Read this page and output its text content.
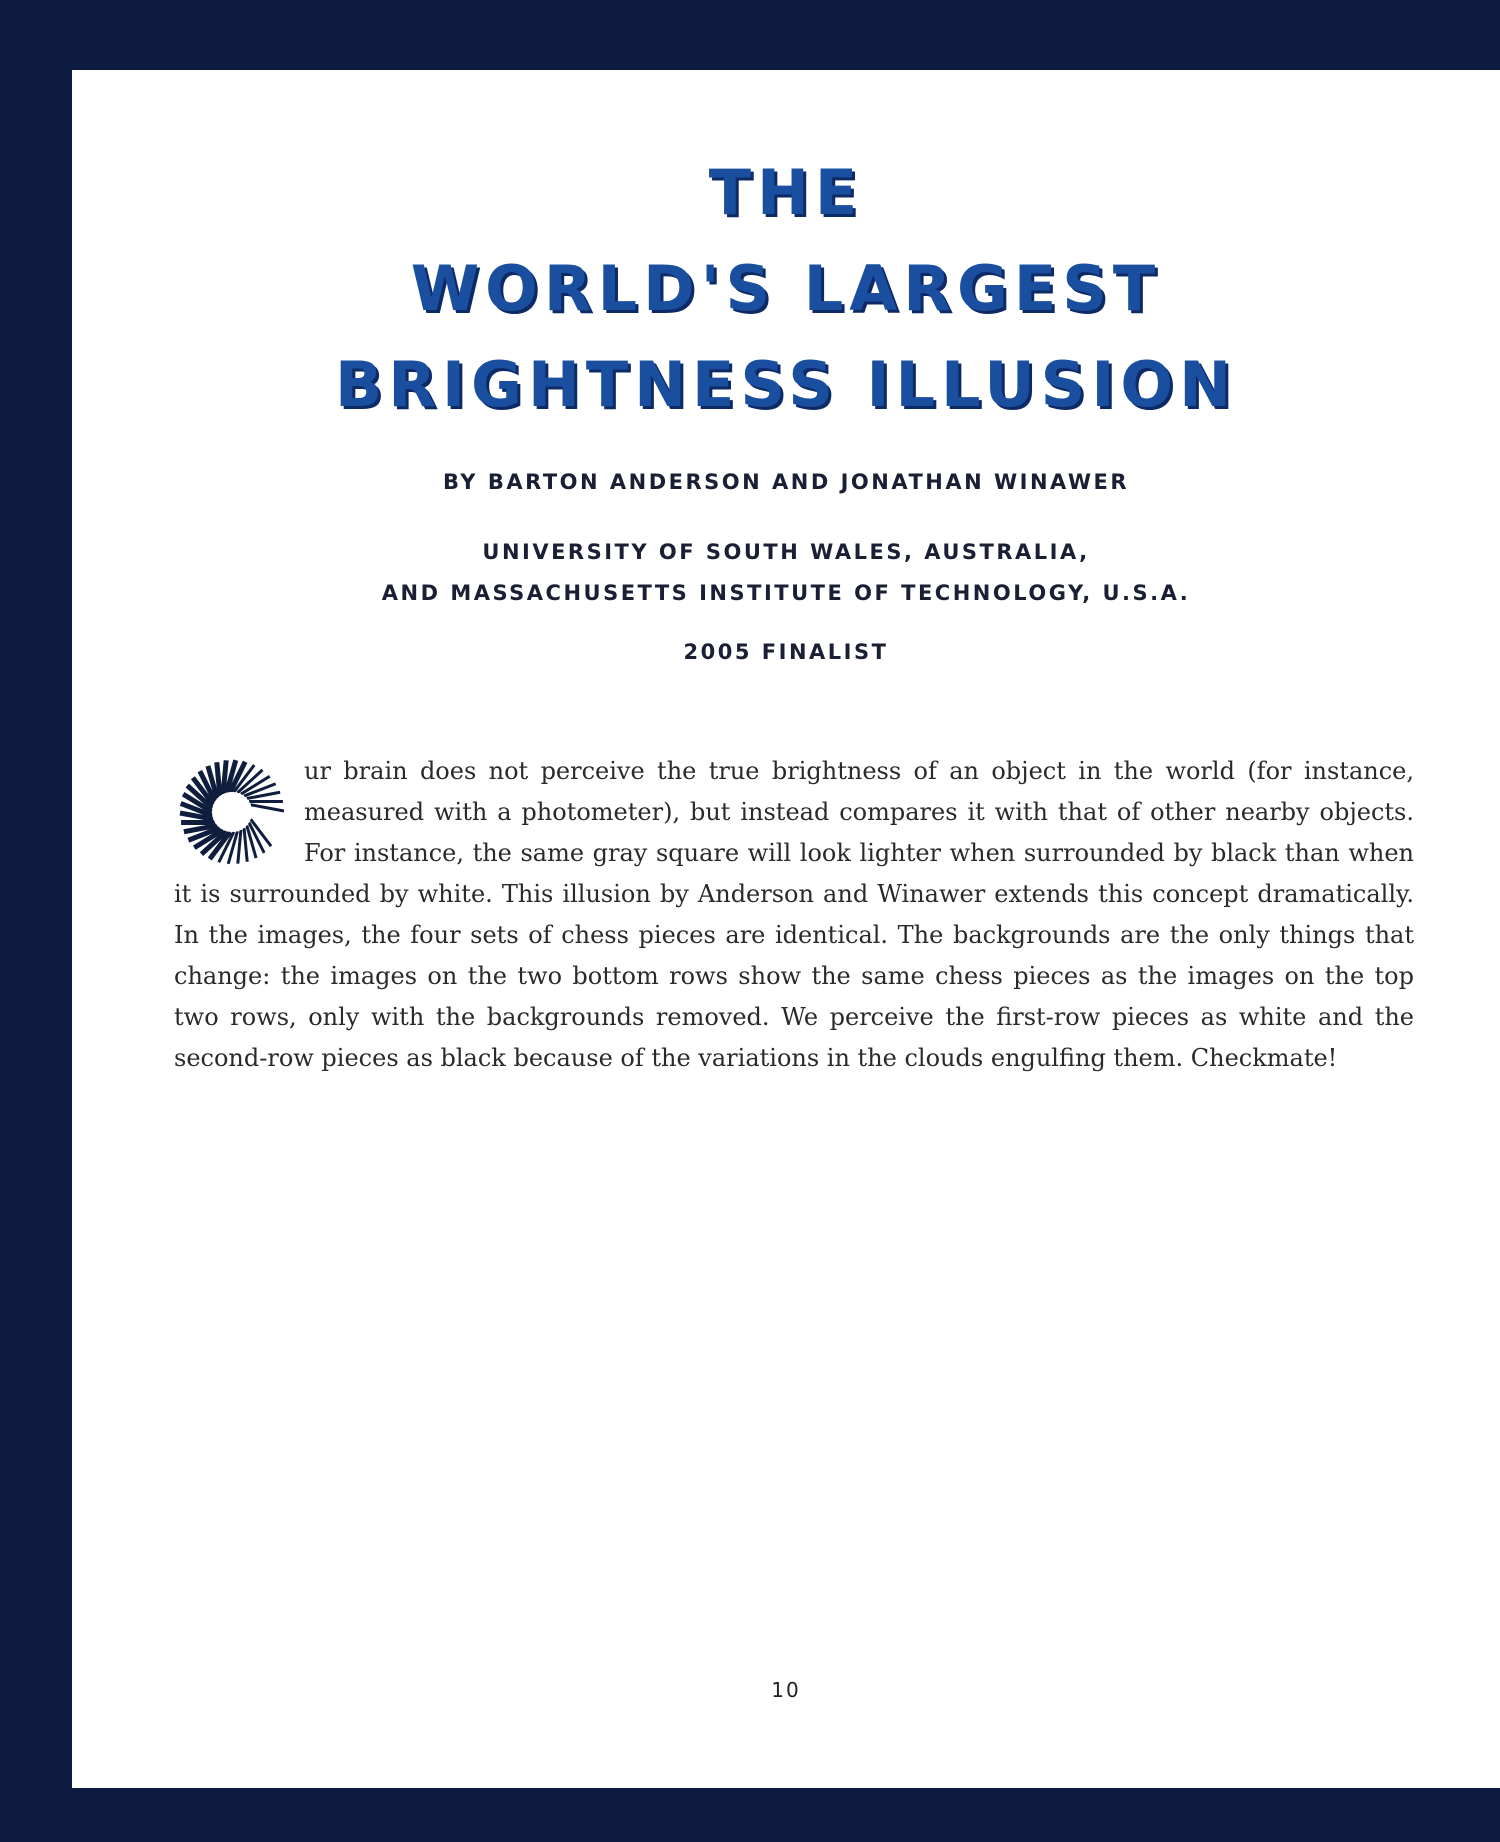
THE

WORLD'S LARGEST

BRIGHTNESS ILLUSION

BY BARTON ANDERSON AND JONATHAN WINAWER
UNIVERSITY OF SOUTH WALES, AUSTRALIA,
AND MASSACHUSETTS INSTITUTE OF TECHNOLOGY, U.S.A.
2005 FINALIST

ur brain does not perceive the true brightness of an object in the world (for instance, measured with a photometer), but instead compares it with that of other nearby objects. For instance, the same gray square will look lighter when surrounded by black than when it is surrounded by white. This illusion by Anderson and Winawer extends this concept dramatically. In the images, the four sets of chess pieces are identical. The backgrounds are the only things that change: the images on the two bottom rows show the same chess pieces as the images on the top two rows, only with the backgrounds removed. We perceive the first-row pieces as white and the second-row pieces as black because of the variations in the clouds engulfing them. Checkmate!

10
